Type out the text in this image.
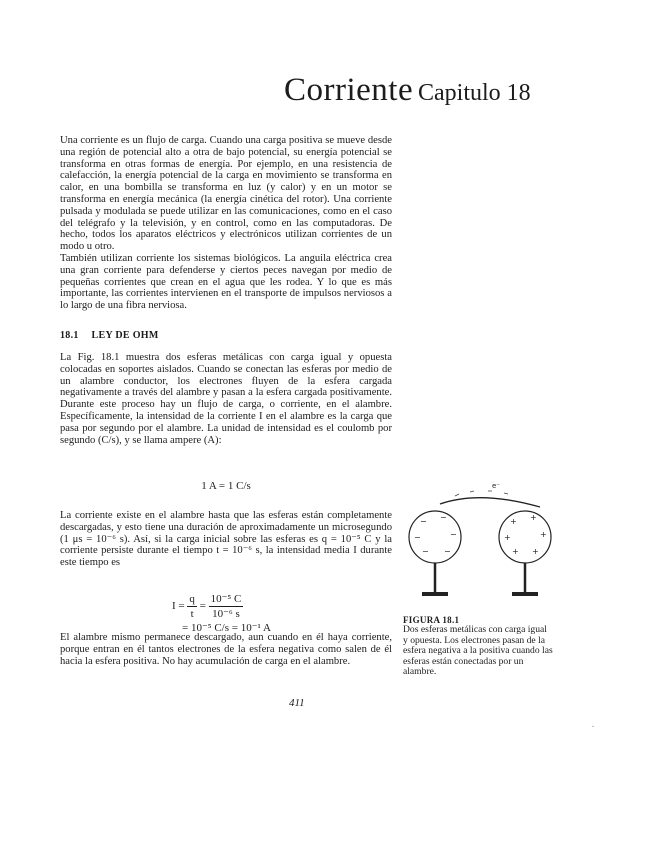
Corriente Capitulo 18
Una corriente es un flujo de carga. Cuando una carga positiva se mueve desde una región de potencial alto a otra de bajo potencial, su energía potencial se transforma en otras formas de energía. Por ejemplo, en una resistencia de calefacción, la energía potencial de la carga en movimiento se transforma en calor, en una bombilla se transforma en luz (y calor) y en un motor se transforma en energía mecánica (la energía cinética del rotor). Una corriente pulsada y modulada se puede utilizar en las comunicaciones, como en el caso del telégrafo y la televisión, y en control, como en las computadoras. De hecho, todos los aparatos eléctricos y electrónicos utilizan corrientes de un modo u otro.
También utilizan corriente los sistemas biológicos. La anguila eléctrica crea una gran corriente para defenderse y ciertos peces navegan por medio de pequeñas corrientes que crean en el agua que les rodea. Y lo que es más importante, las corrientes intervienen en el transporte de impulsos nerviosos a lo largo de una fibra nerviosa.
18.1 LEY DE OHM
La Fig. 18.1 muestra dos esferas metálicas con carga igual y opuesta colocadas en soportes aislados. Cuando se conectan las esferas por medio de un alambre conductor, los electrones fluyen de la esfera cargada negativamente a través del alambre y pasan a la esfera cargada positivamente. Durante este proceso hay un flujo de carga, o corriente, en el alambre. Específicamente, la intensidad de la corriente I en el alambre es la carga que pasa por segundo por el alambre. La unidad de intensidad es el coulomb por segundo (C/s), y se llama ampere (A):
1 A = 1 C/s
La corriente existe en el alambre hasta que las esferas están completamente descargadas, y esto tiene una duración de aproximadamente un microsegundo (1 μs = 10⁻⁶ s). Así, si la carga inicial sobre las esferas es q = 10⁻⁵ C y la corriente persiste durante el tiempo t = 10⁻⁶ s, la intensidad media I durante este tiempo es
$I = \frac{q}{t} = \frac{\text{10⁻⁵ C}}{\text{10⁻⁶ s}}$
= 10⁻⁵ C/s = 10⁻¹ A
El alambre mismo permanece descargado, aun cuando en él haya corriente, porque entran en él tantos electrones de la esfera negativa como salen de él hacia la esfera positiva. No hay acumulación de carga en el alambre.
e⁻
− −
−	−
− −
+ +
+	+
+ +
FIGURA 18.1
Dos esferas metálicas con carga igual y opuesta. Los electrones pasan de la esfera negativa a la positiva cuando las esferas están conectadas por un alambre.
411
.
